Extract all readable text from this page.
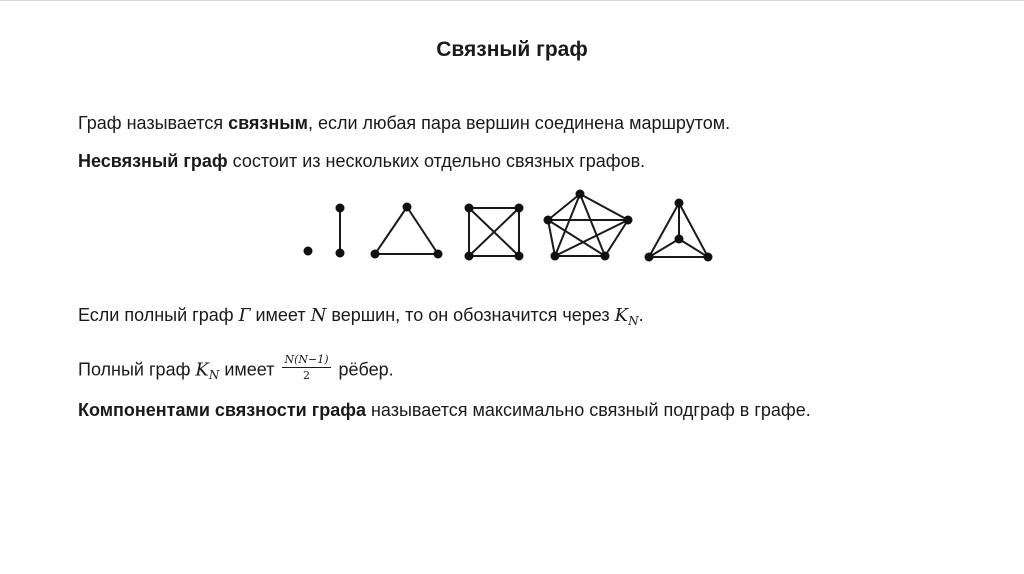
Связный граф
Граф называется связным, если любая пара вершин соединена маршрутом.
Несвязный граф состоит из нескольких отдельно связных графов.
Если полный граф Г имеет N вершин, то он обозначится через $K_N$.
Полный граф $K_N$ имеет $\frac{N(N-1)}{2}$ рёбер.
Компонентами связности графа называется максимально связный подграф в графе.
